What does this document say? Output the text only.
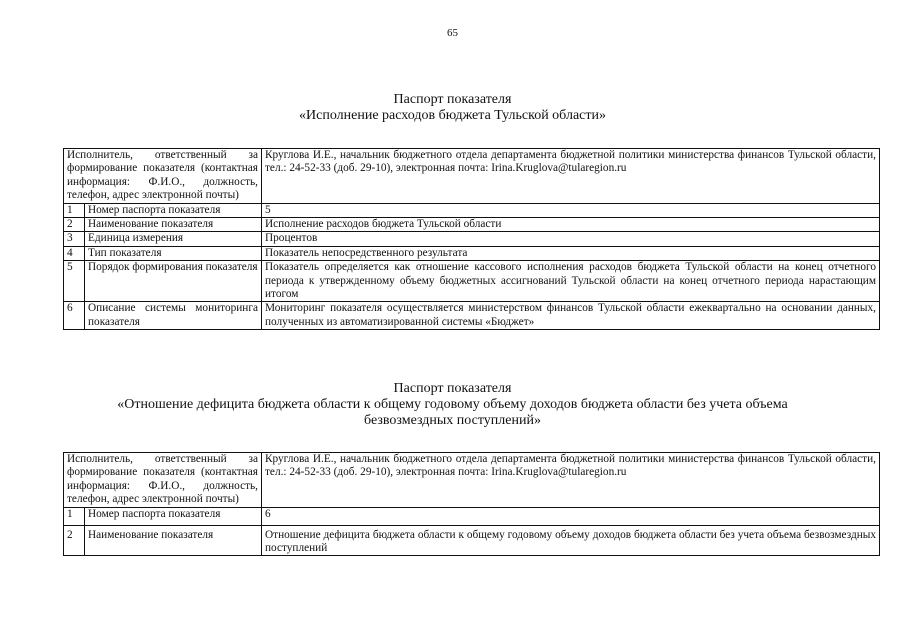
65
Паспорт показателя
«Исполнение расходов бюджета Тульской области»
Исполнитель, ответственный за формирование показателя (контактная информация: Ф.И.О., должность, телефон, адрес электронной почты)		Круглова И.Е., начальник бюджетного отдела департамента бюджетной политики министерства финансов Тульской области, тел.: 24-52-33 (доб. 29-10), электронная почта: Irina.Kruglova@tularegion.ru
1	Номер паспорта показателя	5
2	Наименование показателя	Исполнение расходов бюджета Тульской области
3	Единица измерения	Процентов
4	Тип показателя	Показатель непосредственного результата
5	Порядок формирования показателя	Показатель определяется как отношение кассового исполнения расходов бюджета Тульской области на конец отчетного периода к утвержденному объему бюджетных ассигнований Тульской области на конец отчетного периода нарастающим итогом
6	Описание системы мониторинга показателя	Мониторинг показателя осуществляется министерством финансов Тульской области ежеквартально на основании данных, полученных из автоматизированной системы «Бюджет»
Паспорт показателя
«Отношение дефицита бюджета области к общему годовому объему доходов бюджета области без учета объема
безвозмездных поступлений»
Исполнитель, ответственный за формирование показателя (контактная информация: Ф.И.О., должность, телефон, адрес электронной почты)		Круглова И.Е., начальник бюджетного отдела департамента бюджетной политики министерства финансов Тульской области, тел.: 24-52-33 (доб. 29-10), электронная почта: Irina.Kruglova@tularegion.ru
1	Номер паспорта показателя	6
2	Наименование показателя	Отношение дефицита бюджета области к общему годовому объему доходов бюджета области без учета объема безвозмездных поступлений
